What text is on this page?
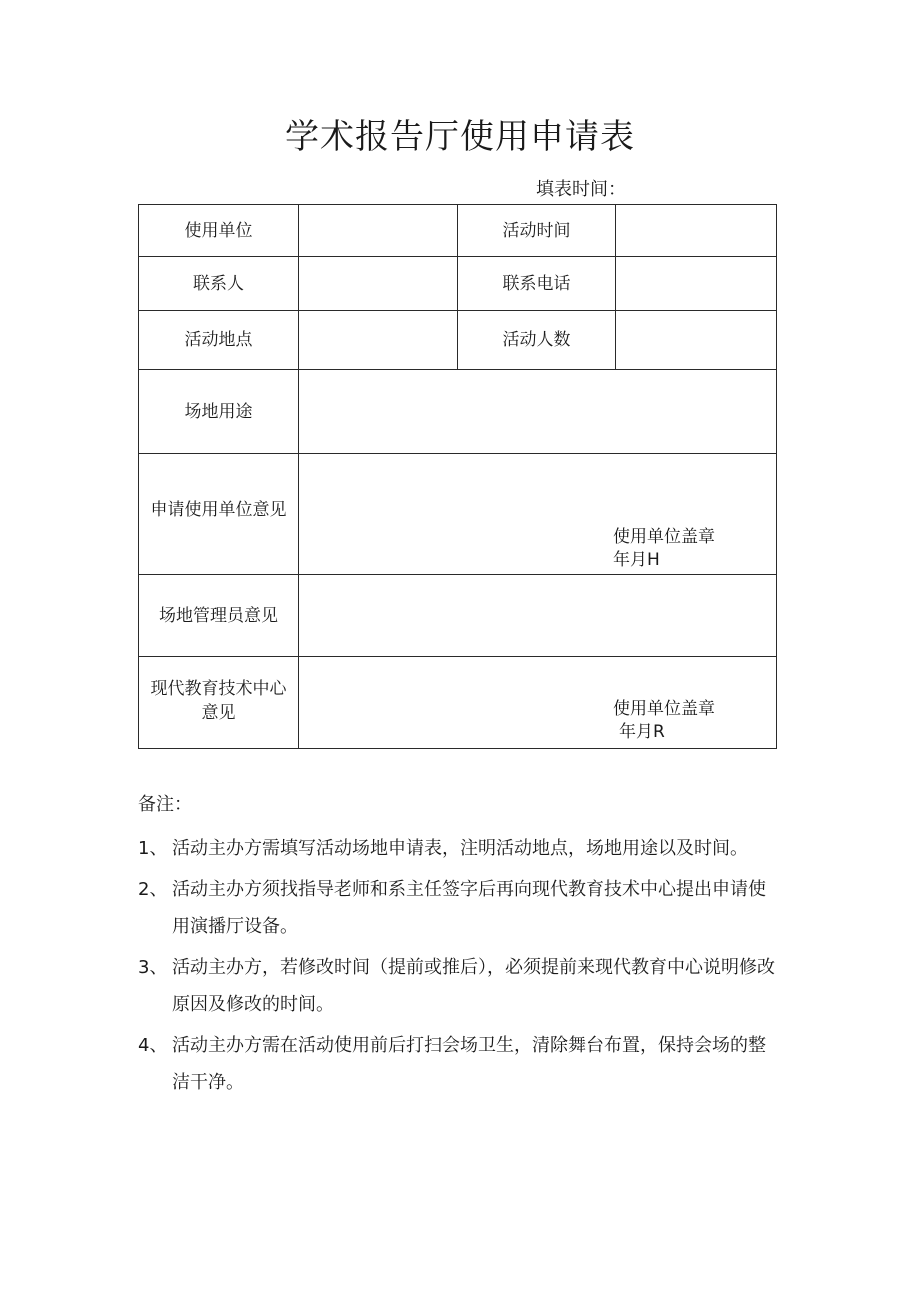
学术报告厅使用申请表
填表时间：
使用单位		活动时间	
联系人		联系电话	
活动地点		活动人数	
场地用途			
申请使用单位意见	使用单位盖章
年月H		

场地管理员意见			

现代教育技术中心意见	使用单位盖章
年月R		
备注：
1、 活动主办方需填写活动场地申请表，注明活动地点，场地用途以及时间。
2、 活动主办方须找指导老师和系主任签字后再向现代教育技术中心提出申请使用演播厅设备。
3、 活动主办方，若修改时间（提前或推后），必须提前来现代教育中心说明修改原因及修改的时间。
4、 活动主办方需在活动使用前后打扫会场卫生，清除舞台布置，保持会场的整洁干净。
